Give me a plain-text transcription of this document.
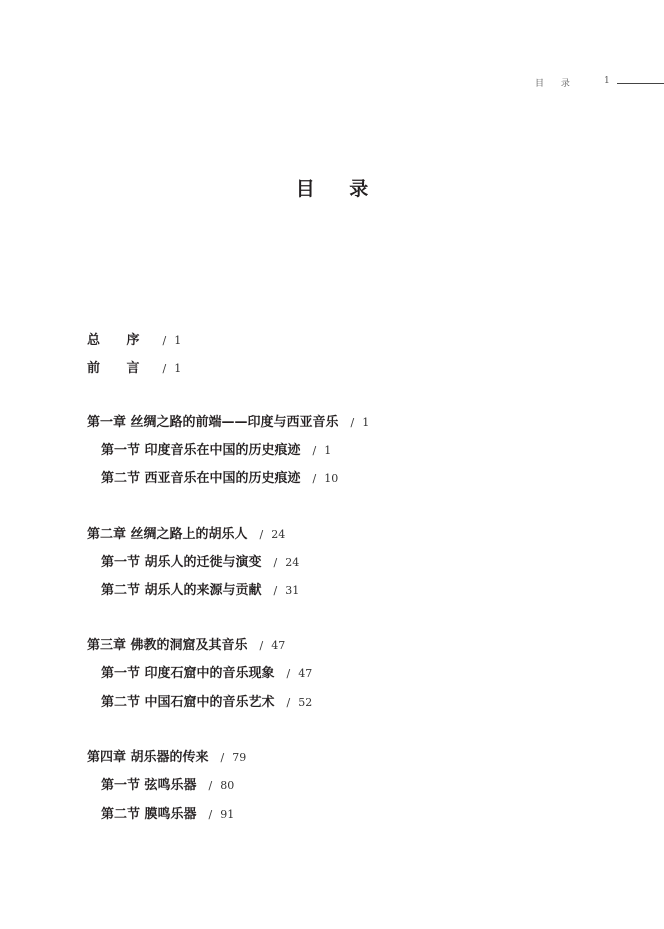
目 录	1
目 录
总 序 / 1
前 言 / 1
第一章 丝绸之路的前端——印度与西亚音乐 / 1
第一节 印度音乐在中国的历史痕迹 / 1
第二节 西亚音乐在中国的历史痕迹 / 10
第二章 丝绸之路上的胡乐人 / 24
第一节 胡乐人的迁徙与演变 / 24
第二节 胡乐人的来源与贡献 / 31
第三章 佛教的洞窟及其音乐 / 47
第一节 印度石窟中的音乐现象 / 47
第二节 中国石窟中的音乐艺术 / 52
第四章 胡乐器的传来 / 79
第一节 弦鸣乐器 / 80
第二节 膜鸣乐器 / 91
